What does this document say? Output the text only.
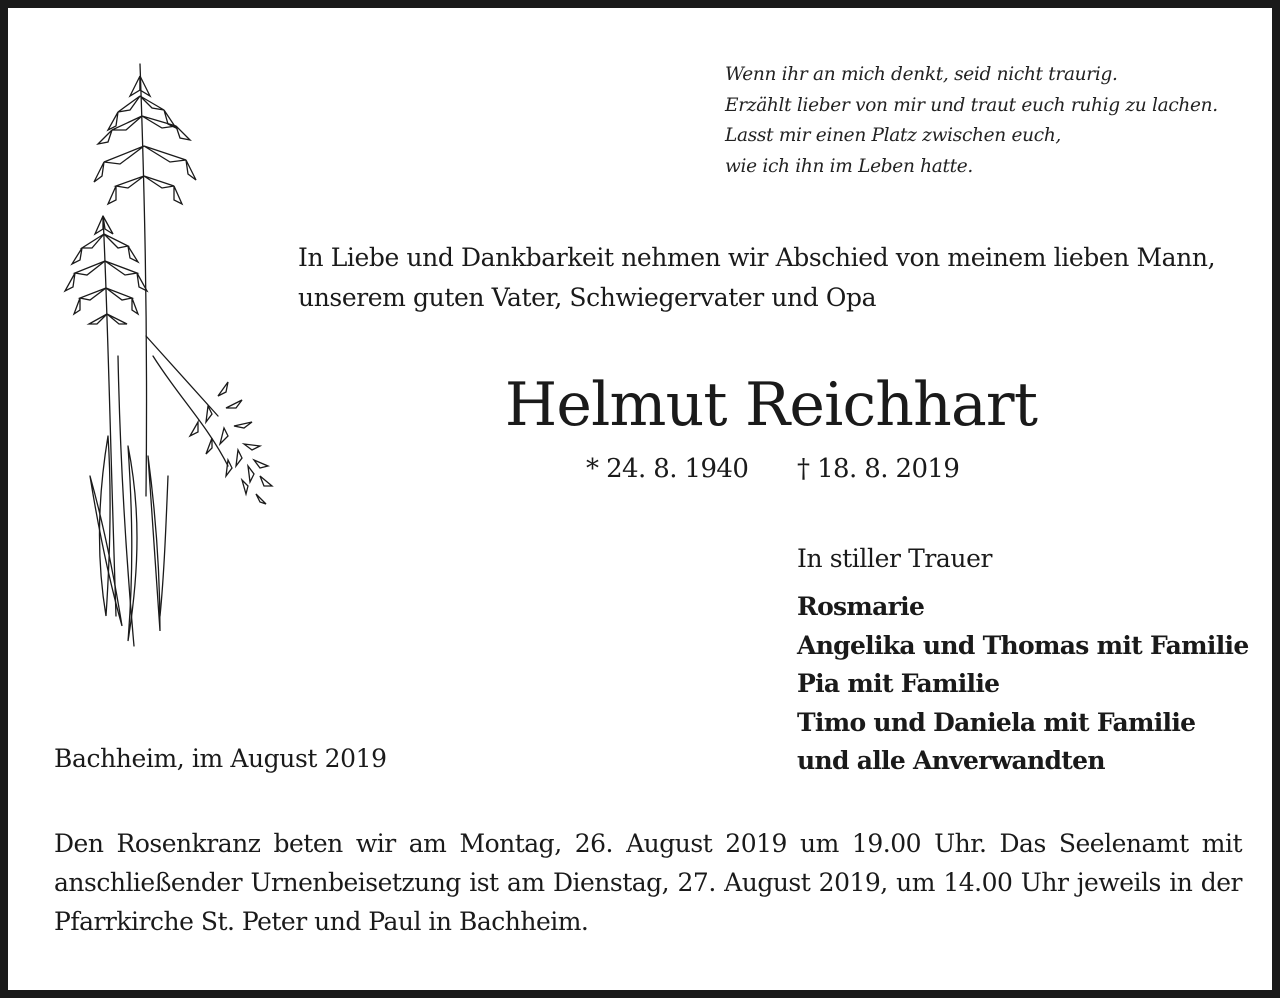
Wenn ihr an mich denkt, seid nicht traurig.
Erzählt lieber von mir und traut euch ruhig zu lachen.
Lasst mir einen Platz zwischen euch,
wie ich ihn im Leben hatte.
In Liebe und Dankbarkeit nehmen wir Abschied von meinem lieben Mann,
unserem guten Vater, Schwiegervater und Opa
Helmut Reichhart
* 24. 8. 1940 † 18. 8. 2019
In stiller Trauer
Rosmarie
Angelika und Thomas mit Familie
Pia mit Familie
Timo und Daniela mit Familie
und alle Anverwandten
Bachheim, im August 2019
Den Rosenkranz beten wir am Montag, 26. August 2019 um 19.00 Uhr. Das Seelenamt mit
anschließender Urnenbeisetzung ist am Dienstag, 27. August 2019, um 14.00 Uhr jeweils in der
Pfarrkirche St. Peter und Paul in Bachheim.
